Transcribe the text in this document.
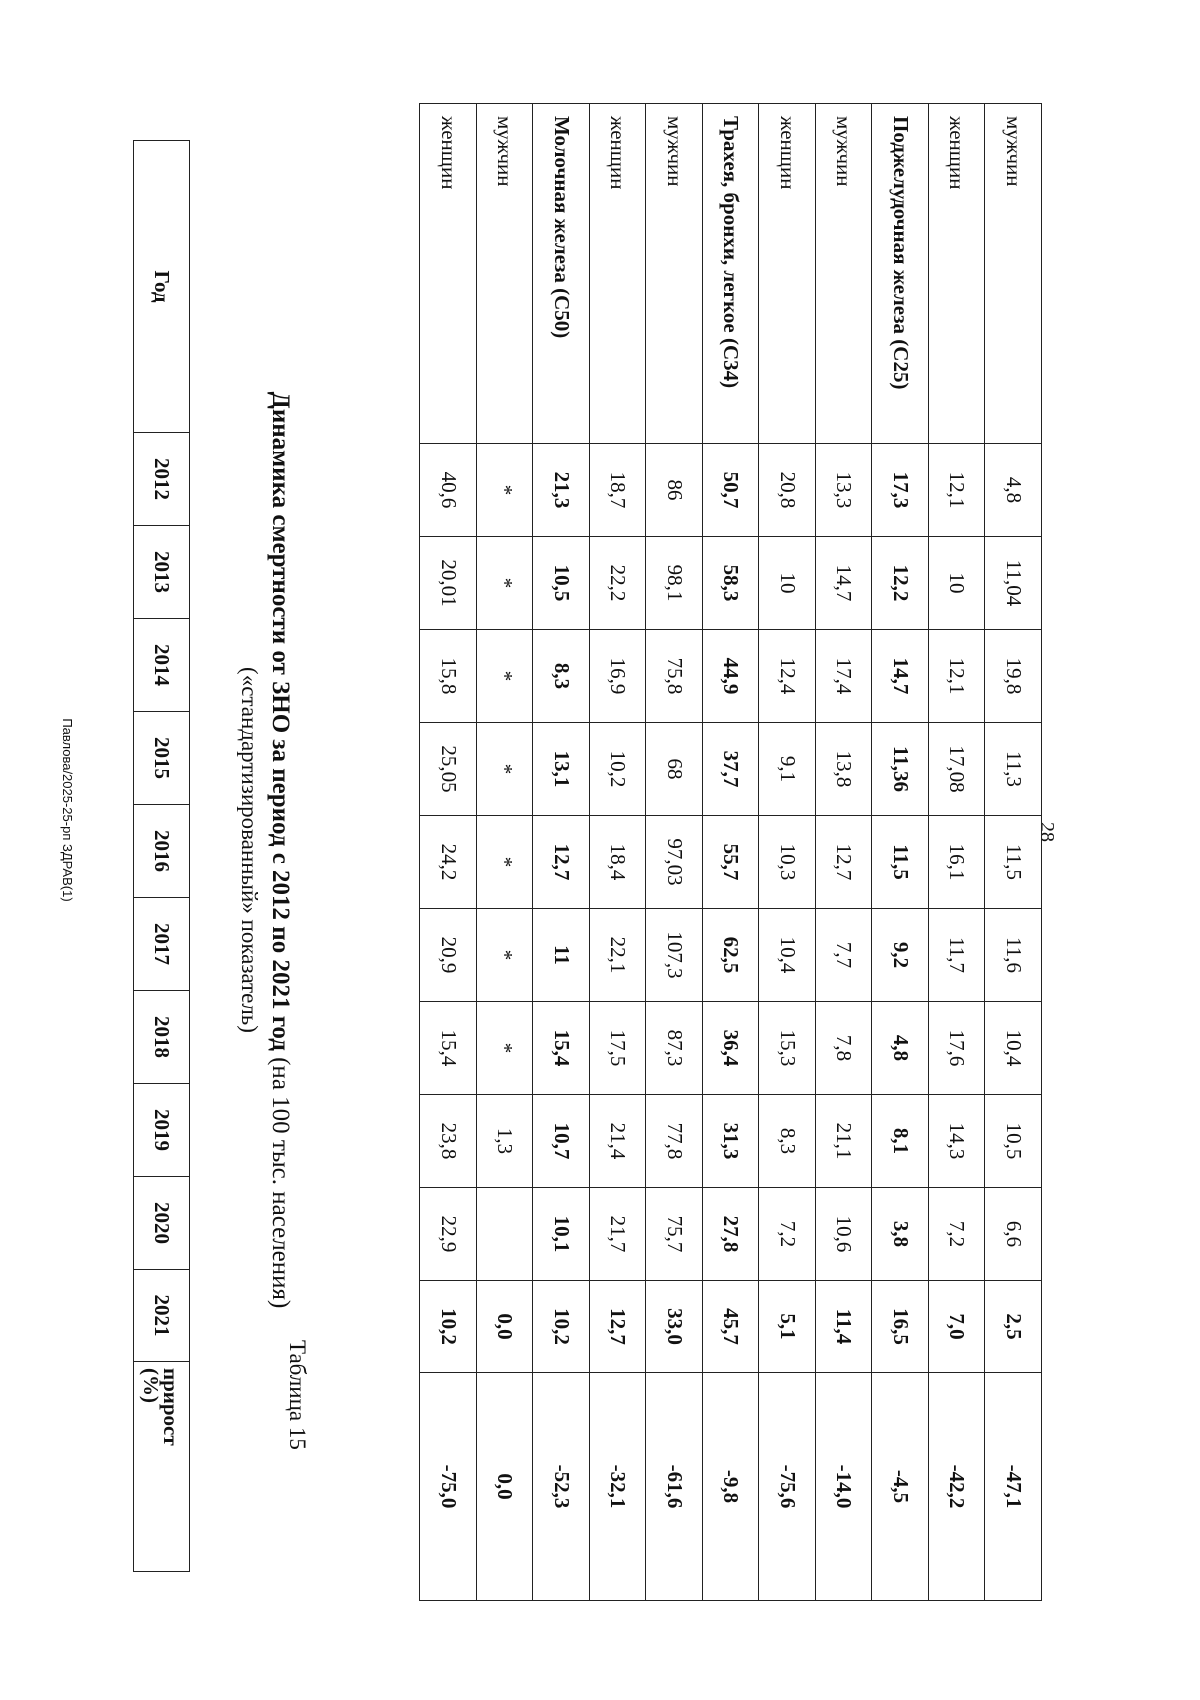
28
мужчин	4,8	11,04	19,8	11,3	11,5	11,6	10,4	10,5	6,6	2,5	-47,1
женщин	12,1	10	12,1	17,08	16,1	11,7	17,6	14,3	7,2	7,0	-42,2
Поджелудочная железа (С25)	17,3	12,2	14,7	11,36	11,5	9,2	4,8	8,1	3,8	16,5	-4,5
мужчин	13,3	14,7	17,4	13,8	12,7	7,7	7,8	21,1	10,6	11,4	-14,0
женщин	20,8	10	12,4	9,1	10,3	10,4	15,3	8,3	7,2	5,1	-75,6
Трахея, бронхи, легкое (С34)	50,7	58,3	44,9	37,7	55,7	62,5	36,4	31,3	27,8	45,7	-9,8
мужчин	86	98,1	75,8	68	97,03	107,3	87,3	77,8	75,7	33,0	-61,6
женщин	18,7	22,2	16,9	10,2	18,4	22,1	17,5	21,4	21,7	12,7	-32,1
Молочная железа (С50)	21,3	10,5	8,3	13,1	12,7	11	15,4	10,7	10,1	10,2	-52,3
мужчин	*	*	*	*	*	*	*	1,3		0,0	0,0
женщин	40,6	20,01	15,8	25,05	24,2	20,9	15,4	23,8	22,9	10,2	-75,0
Таблица 15
Динамика смертности от ЗНО за период с 2012 по 2021 год (на 100 тыс. населения)
(«стандартизированный» показатель)
Год	2012	2013	2014	2015	2016	2017	2018	2019	2020	2021	прирост
(%)
Павлова/2025-25-рп ЗДРАВ(1)
